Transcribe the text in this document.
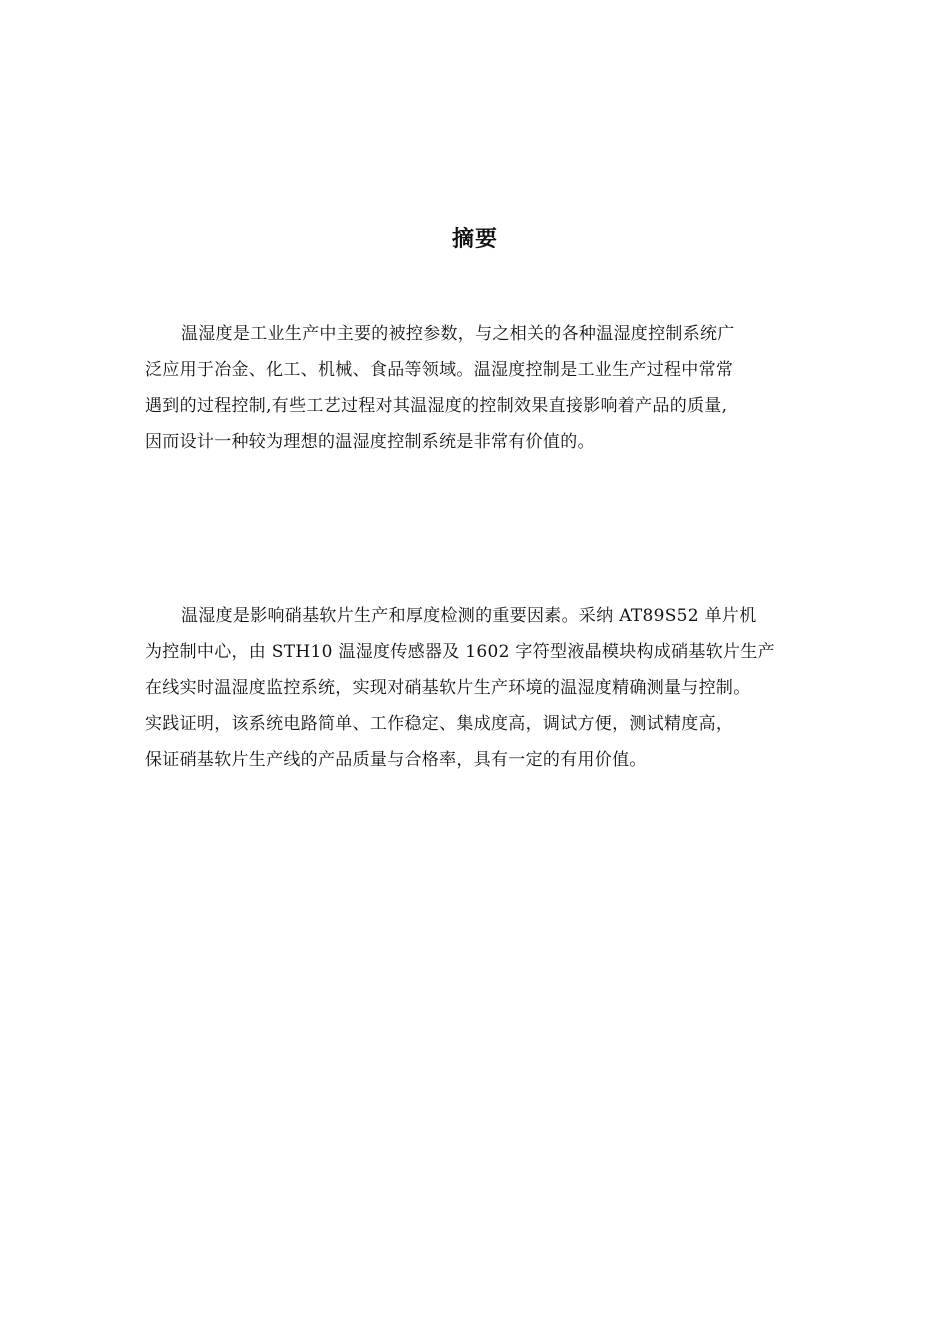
摘要
温湿度是工业生产中主要的被控参数，与之相关的各种温湿度控制系统广
泛应用于冶金、化工、机械、食品等领域。温湿度控制是工业生产过程中常常
遇到的过程控制,有些工艺过程对其温湿度的控制效果直接影响着产品的质量,
因而设计一种较为理想的温湿度控制系统是非常有价值的。
温湿度是影响硝基软片生产和厚度检测的重要因素。采纳 AT89S52 单片机
为控制中心，由 STH10 温湿度传感器及 1602 字符型液晶模块构成硝基软片生产
在线实时温湿度监控系统，实现对硝基软片生产环境的温湿度精确测量与控制。
实践证明，该系统电路简单、工作稳定、集成度高，调试方便，测试精度高，
保证硝基软片生产线的产品质量与合格率，具有一定的有用价值。
